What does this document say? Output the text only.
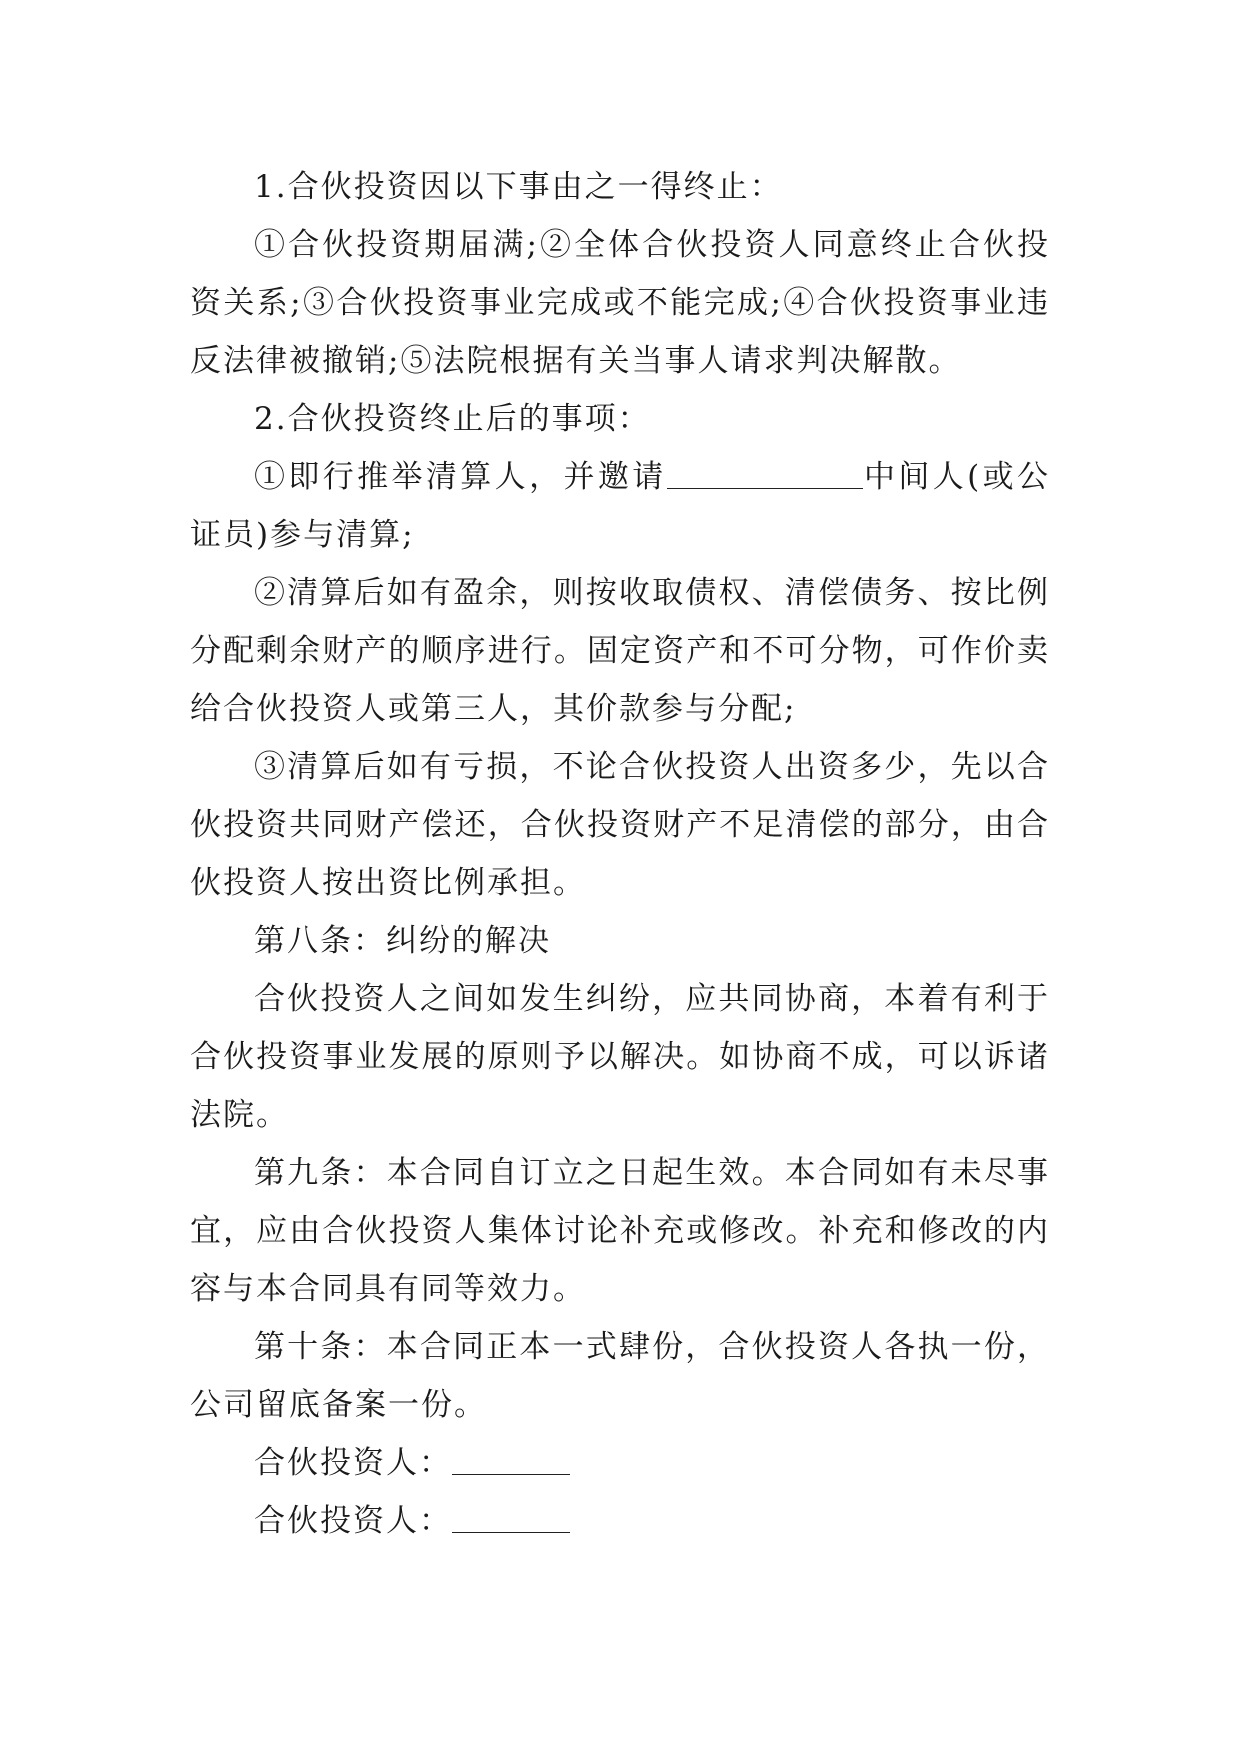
1.合伙投资因以下事由之一得终止：

①合伙投资期届满;②全体合伙投资人同意终止合伙投资关系;③合伙投资事业完成或不能完成;④合伙投资事业违反法律被撤销;⑤法院根据有关当事人请求判决解散。

2.合伙投资终止后的事项：

①即行推举清算人，并邀请	中间人(或公证员)参与清算;

②清算后如有盈余，则按收取债权、清偿债务、按比例分配剩余财产的顺序进行。固定资产和不可分物，可作价卖给合伙投资人或第三人，其价款参与分配;

③清算后如有亏损，不论合伙投资人出资多少，先以合伙投资共同财产偿还，合伙投资财产不足清偿的部分，由合伙投资人按出资比例承担。

第八条：纠纷的解决

合伙投资人之间如发生纠纷，应共同协商，本着有利于合伙投资事业发展的原则予以解决。如协商不成，可以诉诸法院。

第九条：本合同自订立之日起生效。本合同如有未尽事宜，应由合伙投资人集体讨论补充或修改。补充和修改的内容与本合同具有同等效力。

第十条：本合同正本一式肆份，合伙投资人各执一份，公司留底备案一份。

合伙投资人：

合伙投资人：
